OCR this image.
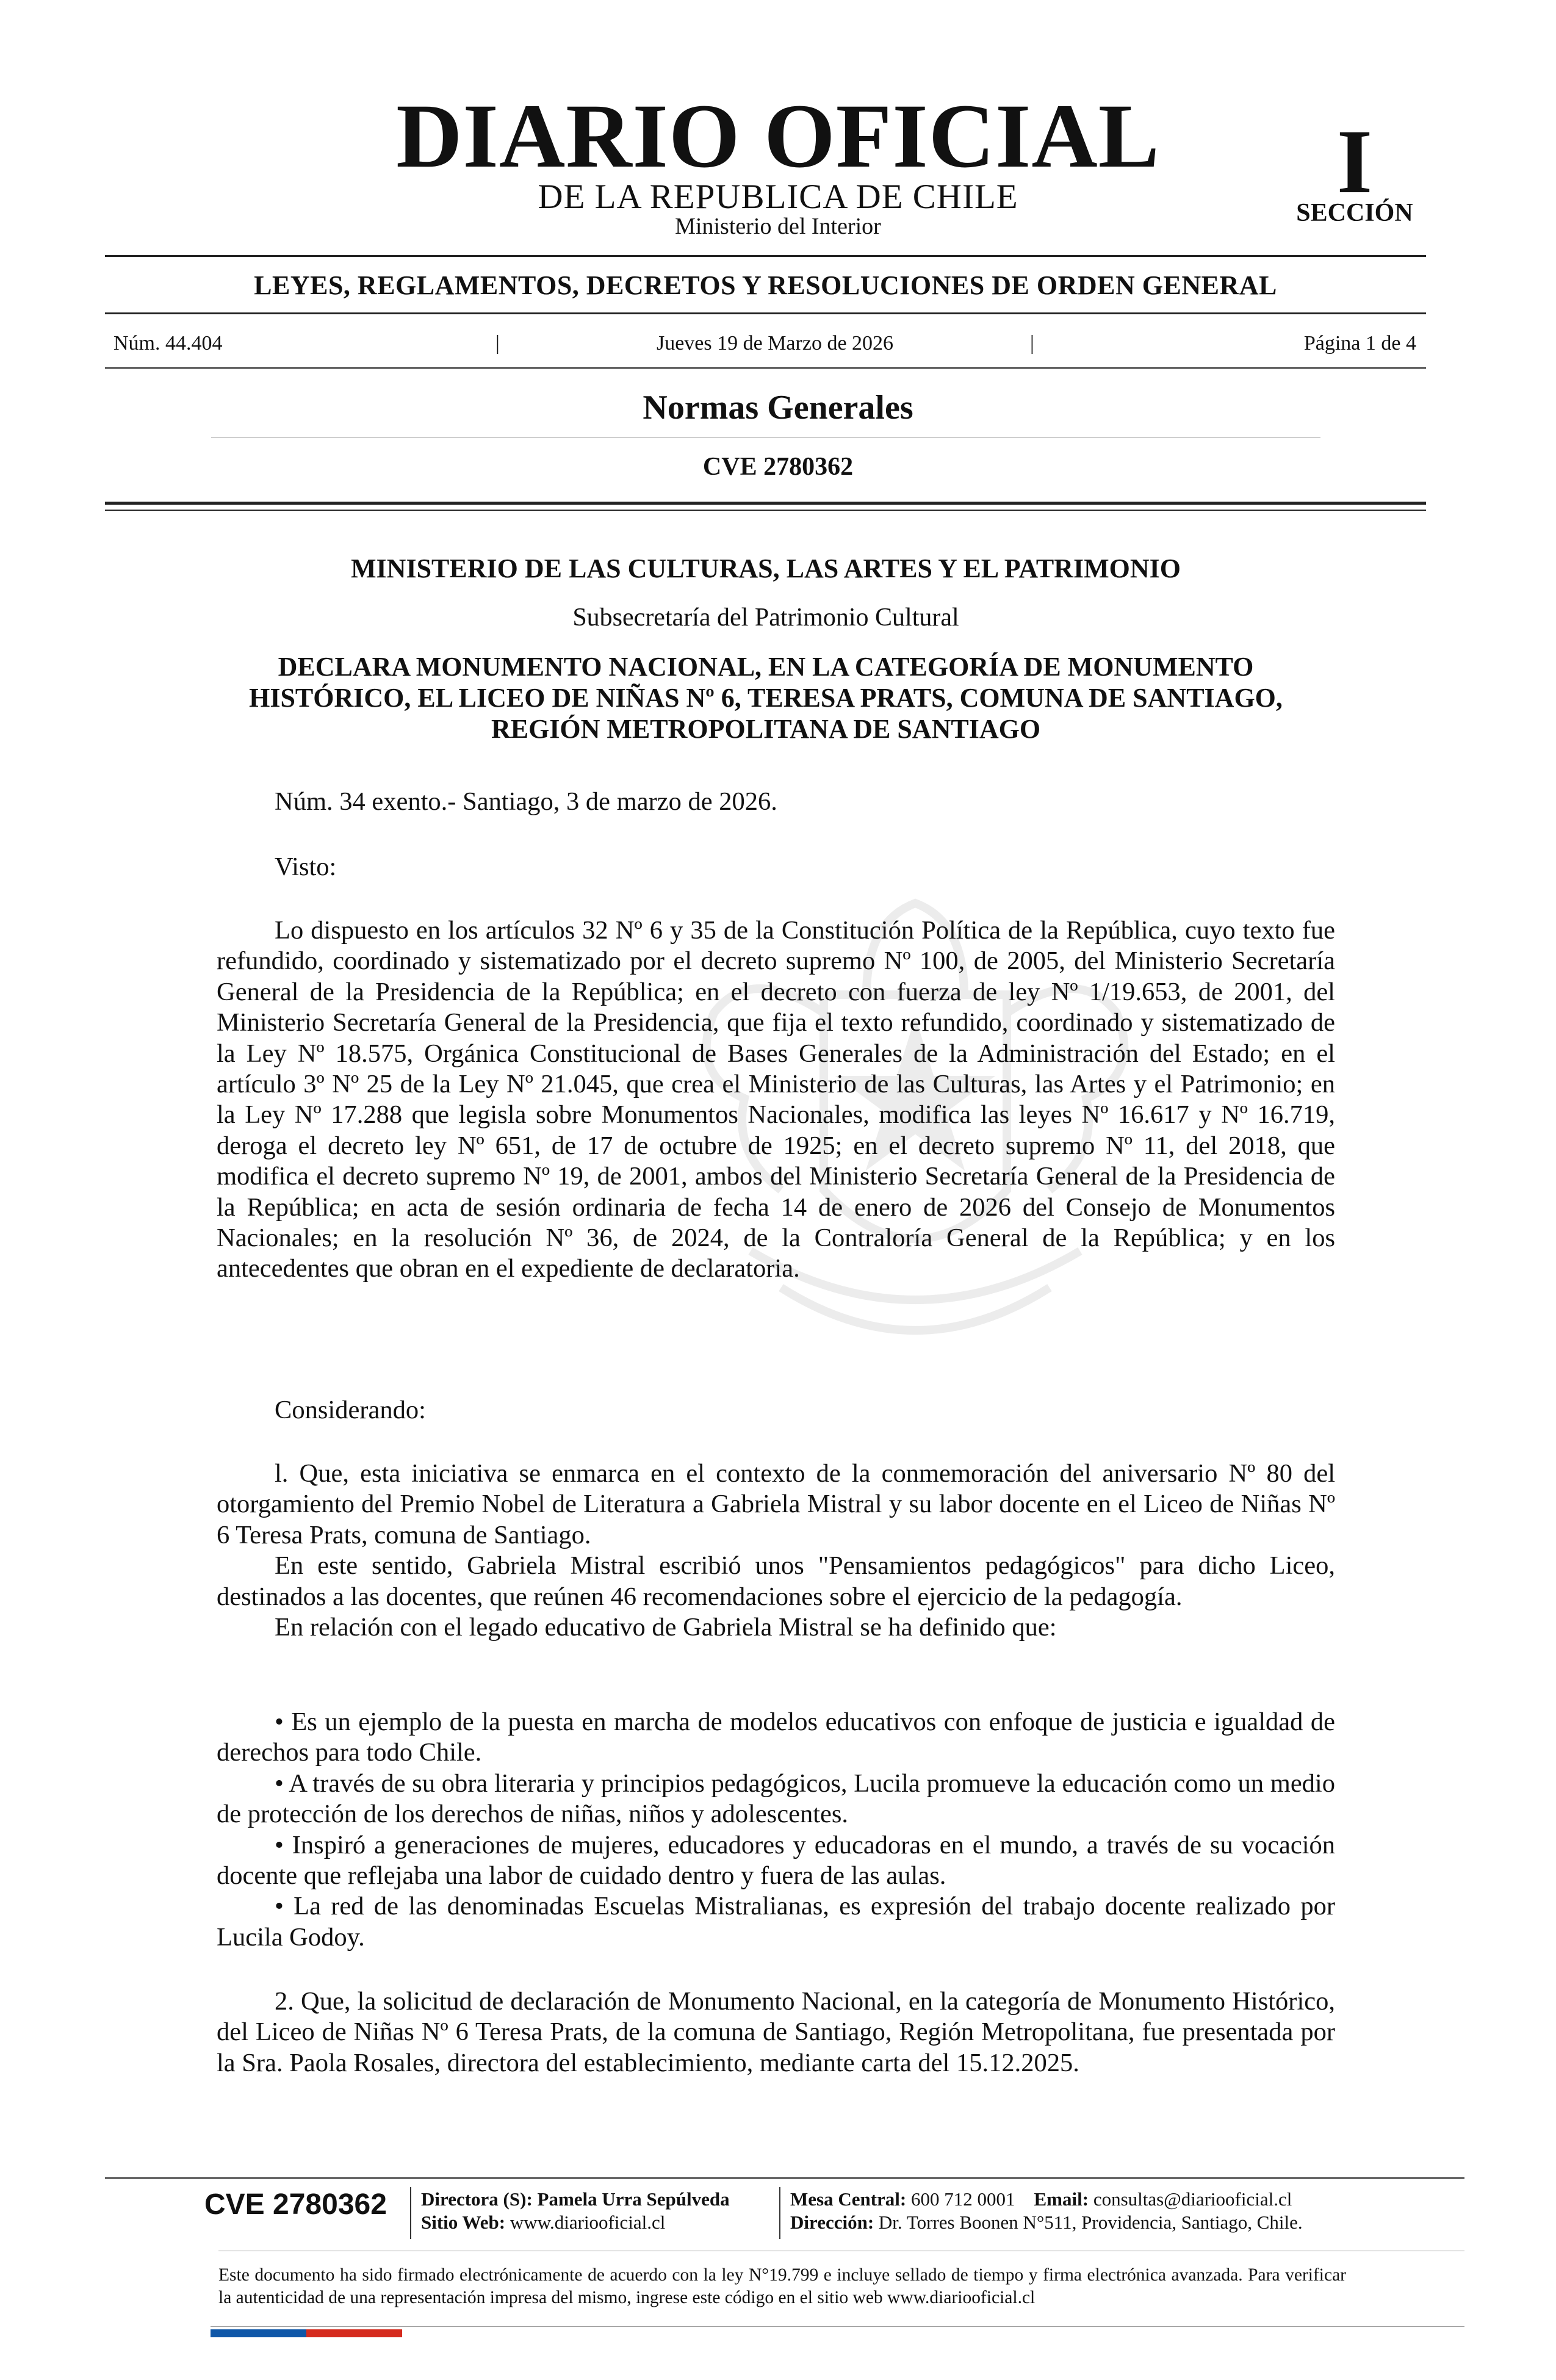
DIARIO OFICIAL
DE LA REPUBLICA DE CHILE
Ministerio del Interior
I
SECCIÓN
LEYES, REGLAMENTOS, DECRETOS Y RESOLUCIONES DE ORDEN GENERAL
Núm. 44.404	|	Jueves 19 de Marzo de 2026	|	Página 1 de 4
Normas Generales
CVE 2780362
MINISTERIO DE LAS CULTURAS, LAS ARTES Y EL PATRIMONIO
Subsecretaría del Patrimonio Cultural
DECLARA MONUMENTO NACIONAL, EN LA CATEGORÍA DE MONUMENTO
HISTÓRICO, EL LICEO DE NIÑAS Nº 6, TERESA PRATS, COMUNA DE SANTIAGO,
REGIÓN METROPOLITANA DE SANTIAGO
Núm. 34 exento.- Santiago, 3 de marzo de 2026.
Visto:

Lo dispuesto en los artículos 32 Nº 6 y 35 de la Constitución Política de la República, cuyo texto fue refundido, coordinado y sistematizado por el decreto supremo Nº 100, de 2005, del Ministerio Secretaría General de la Presidencia de la República; en el decreto con fuerza de ley Nº 1/19.653, de 2001, del Ministerio Secretaría General de la Presidencia, que fija el texto refundido, coordinado y sistematizado de la Ley Nº 18.575, Orgánica Constitucional de Bases Generales de la Administración del Estado; en el artículo 3º Nº 25 de la Ley Nº 21.045, que crea el Ministerio de las Culturas, las Artes y el Patrimonio; en la Ley Nº 17.288 que legisla sobre Monumentos Nacionales, modifica las leyes Nº 16.617 y Nº 16.719, deroga el decreto ley Nº 651, de 17 de octubre de 1925; en el decreto supremo Nº 11, del 2018, que modifica el decreto supremo Nº 19, de 2001, ambos del Ministerio Secretaría General de la Presidencia de la República; en acta de sesión ordinaria de fecha 14 de enero de 2026 del Consejo de Monumentos Nacionales; en la resolución Nº 36, de 2024, de la Contraloría General de la República; y en los antecedentes que obran en el expediente de declaratoria.

Considerando:

l. Que, esta iniciativa se enmarca en el contexto de la conmemoración del aniversario Nº 80 del otorgamiento del Premio Nobel de Literatura a Gabriela Mistral y su labor docente en el Liceo de Niñas Nº 6 Teresa Prats, comuna de Santiago.

En este sentido, Gabriela Mistral escribió unos "Pensamientos pedagógicos" para dicho Liceo, destinados a las docentes, que reúnen 46 recomendaciones sobre el ejercicio de la pedagogía.

En relación con el legado educativo de Gabriela Mistral se ha definido que:

• Es un ejemplo de la puesta en marcha de modelos educativos con enfoque de justicia e igualdad de derechos para todo Chile.

• A través de su obra literaria y principios pedagógicos, Lucila promueve la educación como un medio de protección de los derechos de niñas, niños y adolescentes.

• Inspiró a generaciones de mujeres, educadores y educadoras en el mundo, a través de su vocación docente que reflejaba una labor de cuidado dentro y fuera de las aulas.

• La red de las denominadas Escuelas Mistralianas, es expresión del trabajo docente realizado por Lucila Godoy.

2. Que, la solicitud de declaración de Monumento Nacional, en la categoría de Monumento Histórico, del Liceo de Niñas Nº 6 Teresa Prats, de la comuna de Santiago, Región Metropolitana, fue presentada por la Sra. Paola Rosales, directora del establecimiento, mediante carta del 15.12.2025.

CVE 2780362 Directora (S): Pamela Urra Sepúlveda
Sitio Web: www.diariooficial.cl
Mesa Central: 600 712 0001 Email: consultas@diariooficial.cl
Dirección: Dr. Torres Boonen N°511, Providencia, Santiago, Chile.
Este documento ha sido firmado electrónicamente de acuerdo con la ley N°19.799 e incluye sellado de tiempo y firma electrónica avanzada. Para verificar la autenticidad de una representación impresa del mismo, ingrese este código en el sitio web www.diariooficial.cl
